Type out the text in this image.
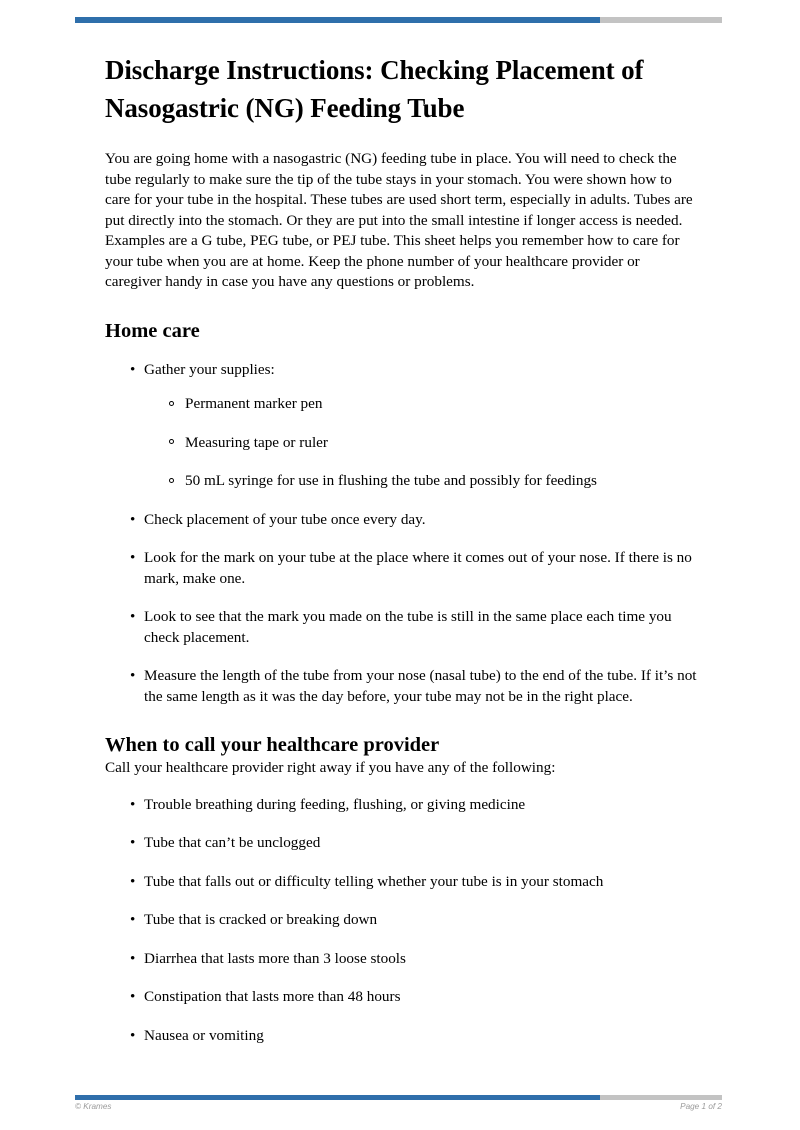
Discharge Instructions: Checking Placement of Nasogastric (NG) Feeding Tube

You are going home with a nasogastric (NG) feeding tube in place. You will need to check the tube regularly to make sure the tip of the tube stays in your stomach. You were shown how to care for your tube in the hospital. These tubes are used short term, especially in adults. Tubes are put directly into the stomach. Or they are put into the small intestine if longer access is needed. Examples are a G tube, PEG tube, or PEJ tube. This sheet helps you remember how to care for your tube when you are at home. Keep the phone number of your healthcare provider or caregiver handy in case you have any questions or problems.

Home care
• Gather your supplies:
Permanent marker pen
Measuring tape or ruler
50 mL syringe for use in flushing the tube and possibly for feedings
• Check placement of your tube once every day.
• Look for the mark on your tube at the place where it comes out of your nose. If there is no mark, make one.
• Look to see that the mark you made on the tube is still in the same place each time you check placement.
• Measure the length of the tube from your nose (nasal tube) to the end of the tube. If it’s not the same length as it was the day before, your tube may not be in the right place.
When to call your healthcare provider

Call your healthcare provider right away if you have any of the following:

• Trouble breathing during feeding, flushing, or giving medicine
• Tube that can’t be unclogged
• Tube that falls out or difficulty telling whether your tube is in your stomach
• Tube that is cracked or breaking down
• Diarrhea that lasts more than 3 loose stools
• Constipation that lasts more than 48 hours
• Nausea or vomiting
© Krames	Page 1 of 2
